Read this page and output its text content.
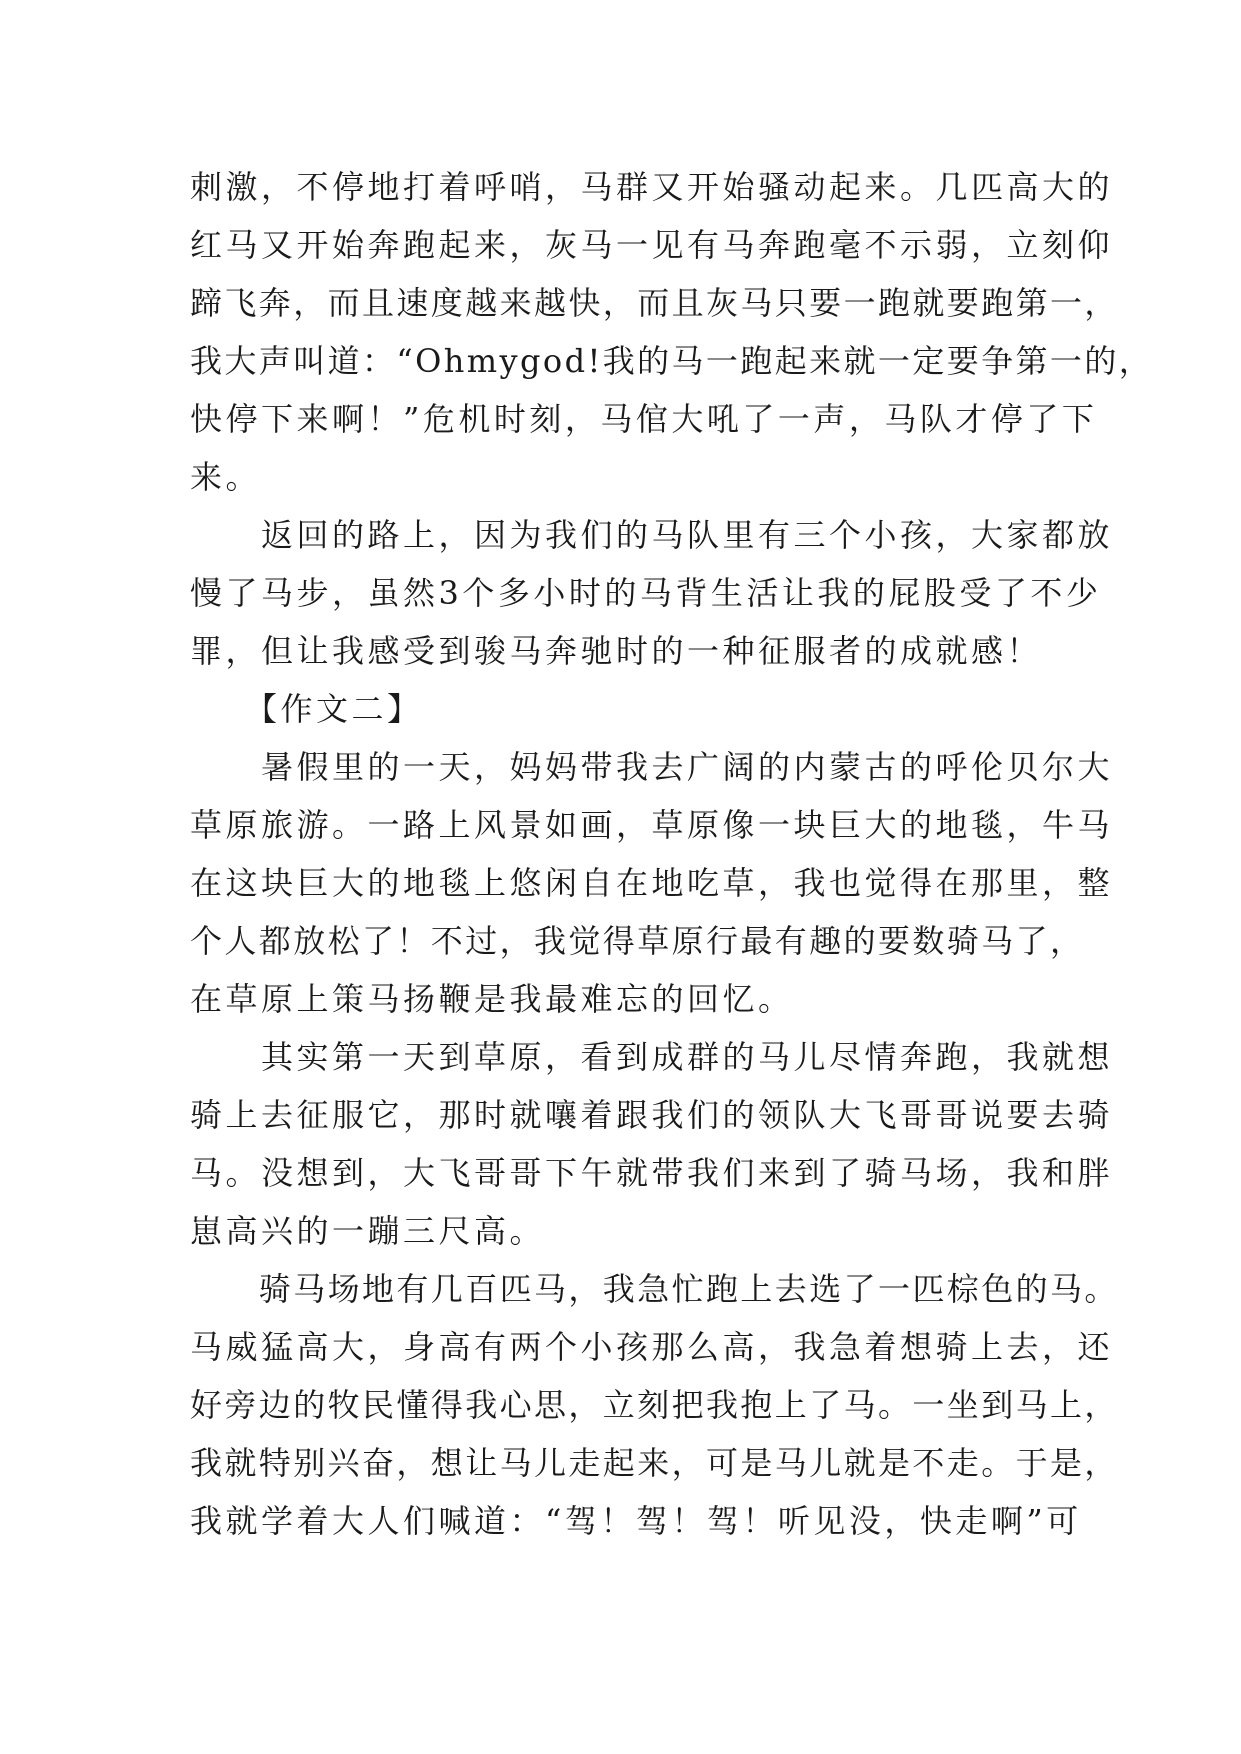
刺激，不停地打着呼哨，马群又开始骚动起来。几匹高大的
红马又开始奔跑起来，灰马一见有马奔跑毫不示弱，立刻仰
蹄飞奔，而且速度越来越快，而且灰马只要一跑就要跑第一，
我大声叫道：“Ohmygod!我的马一跑起来就一定要争第一的，
快停下来啊！”危机时刻，马倌大吼了一声，马队才停了下
来。
　　返回的路上，因为我们的马队里有三个小孩，大家都放
慢了马步，虽然3个多小时的马背生活让我的屁股受了不少
罪，但让我感受到骏马奔驰时的一种征服者的成就感！
　　【作文二】
　　暑假里的一天，妈妈带我去广阔的内蒙古的呼伦贝尔大
草原旅游。一路上风景如画，草原像一块巨大的地毯，牛马
在这块巨大的地毯上悠闲自在地吃草，我也觉得在那里，整
个人都放松了！不过，我觉得草原行最有趣的要数骑马了，
在草原上策马扬鞭是我最难忘的回忆。
　　其实第一天到草原，看到成群的马儿尽情奔跑，我就想
骑上去征服它，那时就嚷着跟我们的领队大飞哥哥说要去骑
马。没想到，大飞哥哥下午就带我们来到了骑马场，我和胖
崽高兴的一蹦三尺高。
　　骑马场地有几百匹马，我急忙跑上去选了一匹棕色的马。
马威猛高大，身高有两个小孩那么高，我急着想骑上去，还
好旁边的牧民懂得我心思，立刻把我抱上了马。一坐到马上，
我就特别兴奋，想让马儿走起来，可是马儿就是不走。于是，
我就学着大人们喊道：“驾！驾！驾！听见没，快走啊”可
